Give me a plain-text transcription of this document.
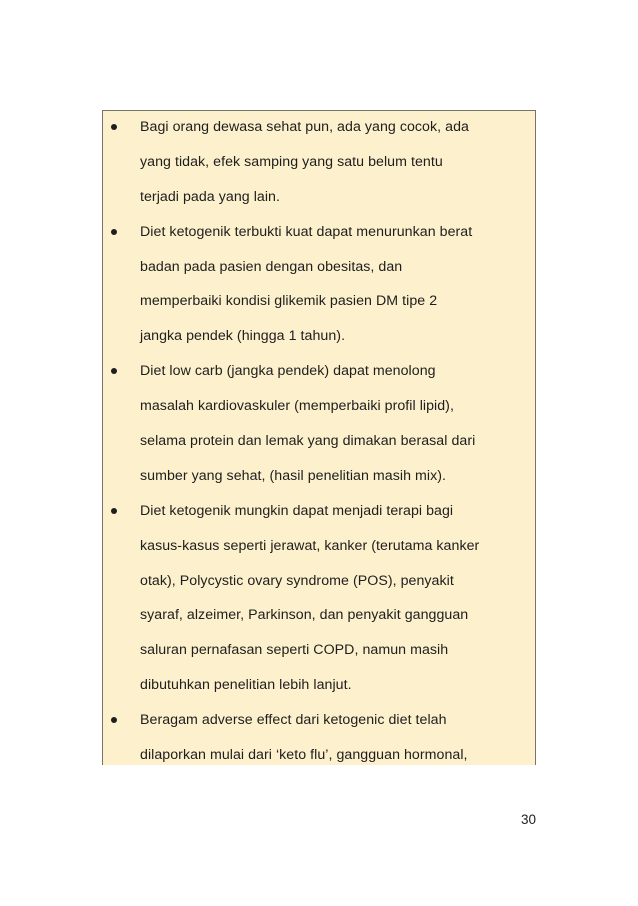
Bagi orang dewasa sehat pun, ada yang cocok, ada
yang tidak, efek samping yang satu belum tentu
terjadi pada yang lain.
Diet ketogenik terbukti kuat dapat menurunkan berat
badan pada pasien dengan obesitas, dan
memperbaiki kondisi glikemik pasien DM tipe 2
jangka pendek (hingga 1 tahun).
Diet low carb (jangka pendek) dapat menolong
masalah kardiovaskuler (memperbaiki profil lipid),
selama protein dan lemak yang dimakan berasal dari
sumber yang sehat, (hasil penelitian masih mix).
Diet ketogenik mungkin dapat menjadi terapi bagi
kasus-kasus seperti jerawat, kanker (terutama kanker
otak), Polycystic ovary syndrome (POS), penyakit
syaraf, alzeimer, Parkinson, dan penyakit gangguan
saluran pernafasan seperti COPD, namun masih
dibutuhkan penelitian lebih lanjut.
Beragam adverse effect dari ketogenic diet telah
dilaporkan mulai dari ‘keto flu’, gangguan hormonal,
30
